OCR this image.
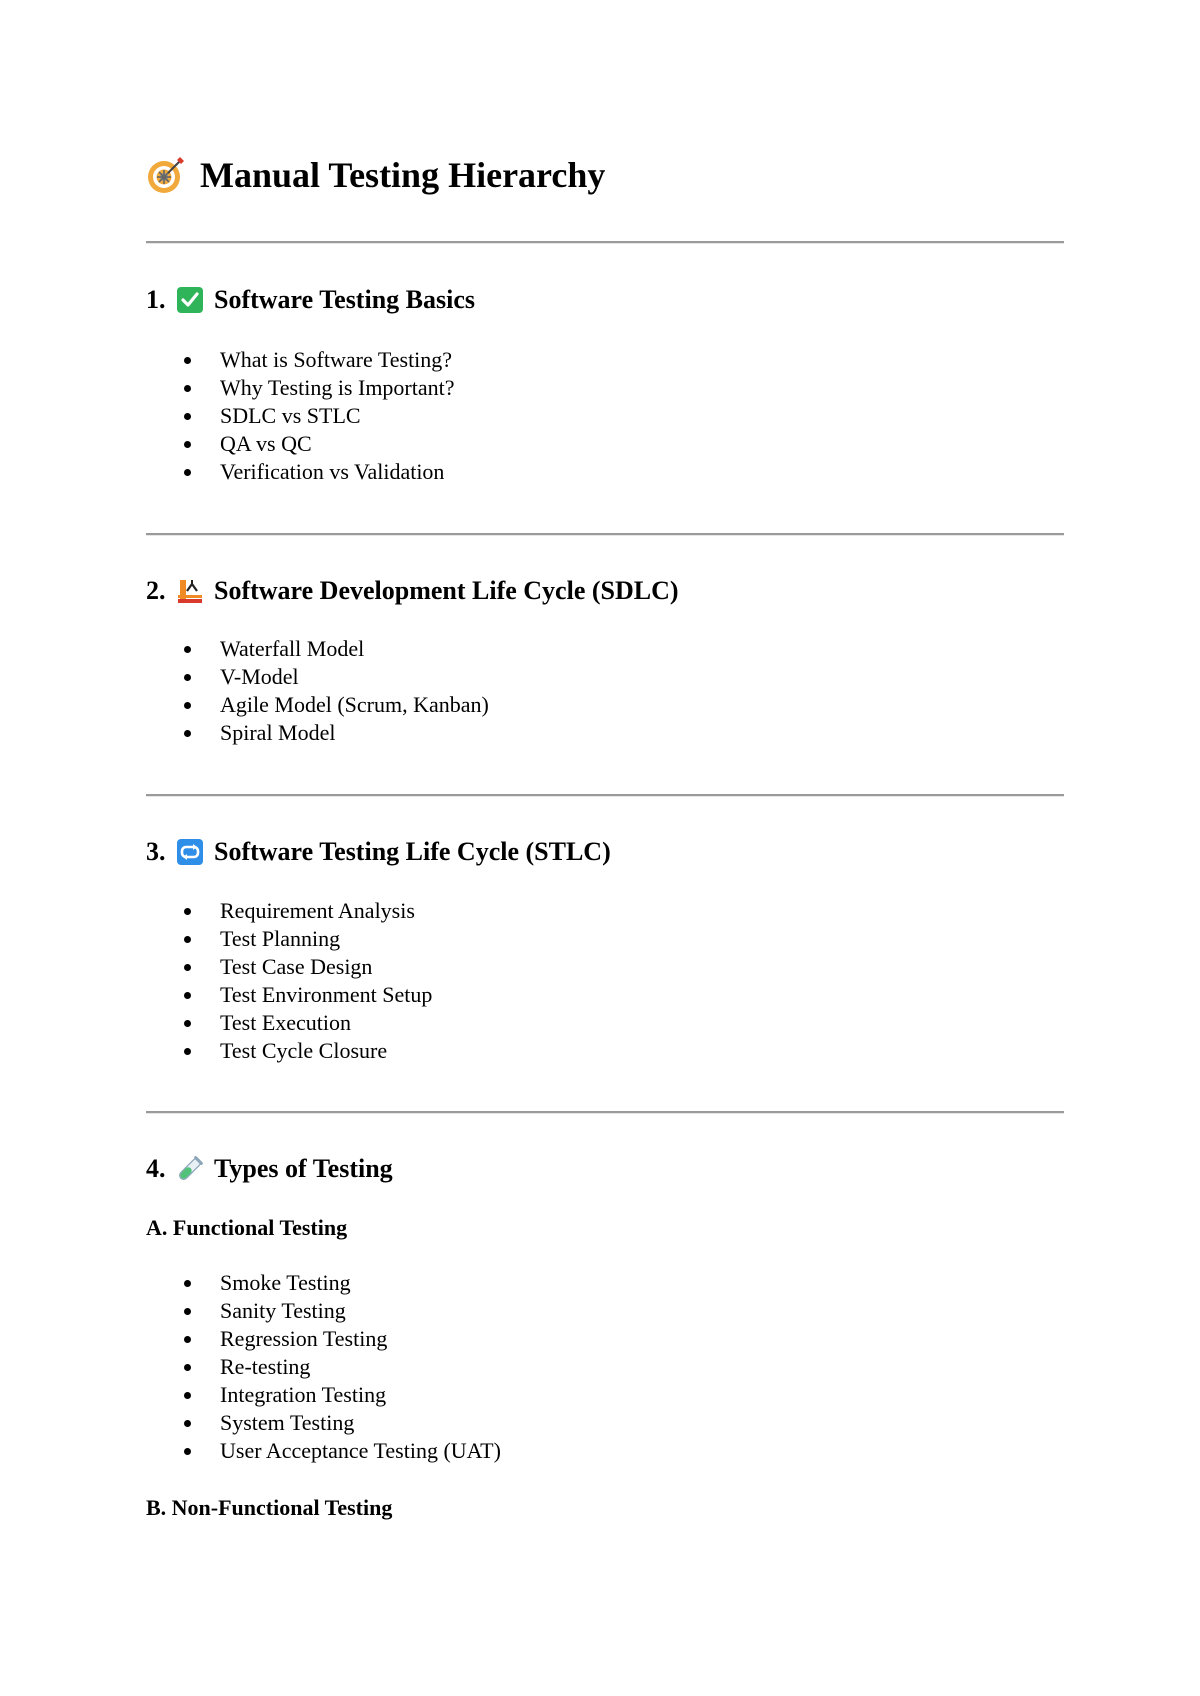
Manual Testing Hierarchy
1.	Software Testing Basics
What is Software Testing?
Why Testing is Important?
SDLC vs STLC
QA vs QC
Verification vs Validation
2.	Software Development Life Cycle (SDLC)
Waterfall Model
V-Model
Agile Model (Scrum, Kanban)
Spiral Model
3.	Software Testing Life Cycle (STLC)
Requirement Analysis
Test Planning
Test Case Design
Test Environment Setup
Test Execution
Test Cycle Closure
4.	Types of Testing
A. Functional Testing
Smoke Testing
Sanity Testing
Regression Testing
Re-testing
Integration Testing
System Testing
User Acceptance Testing (UAT)
B. Non-Functional Testing
